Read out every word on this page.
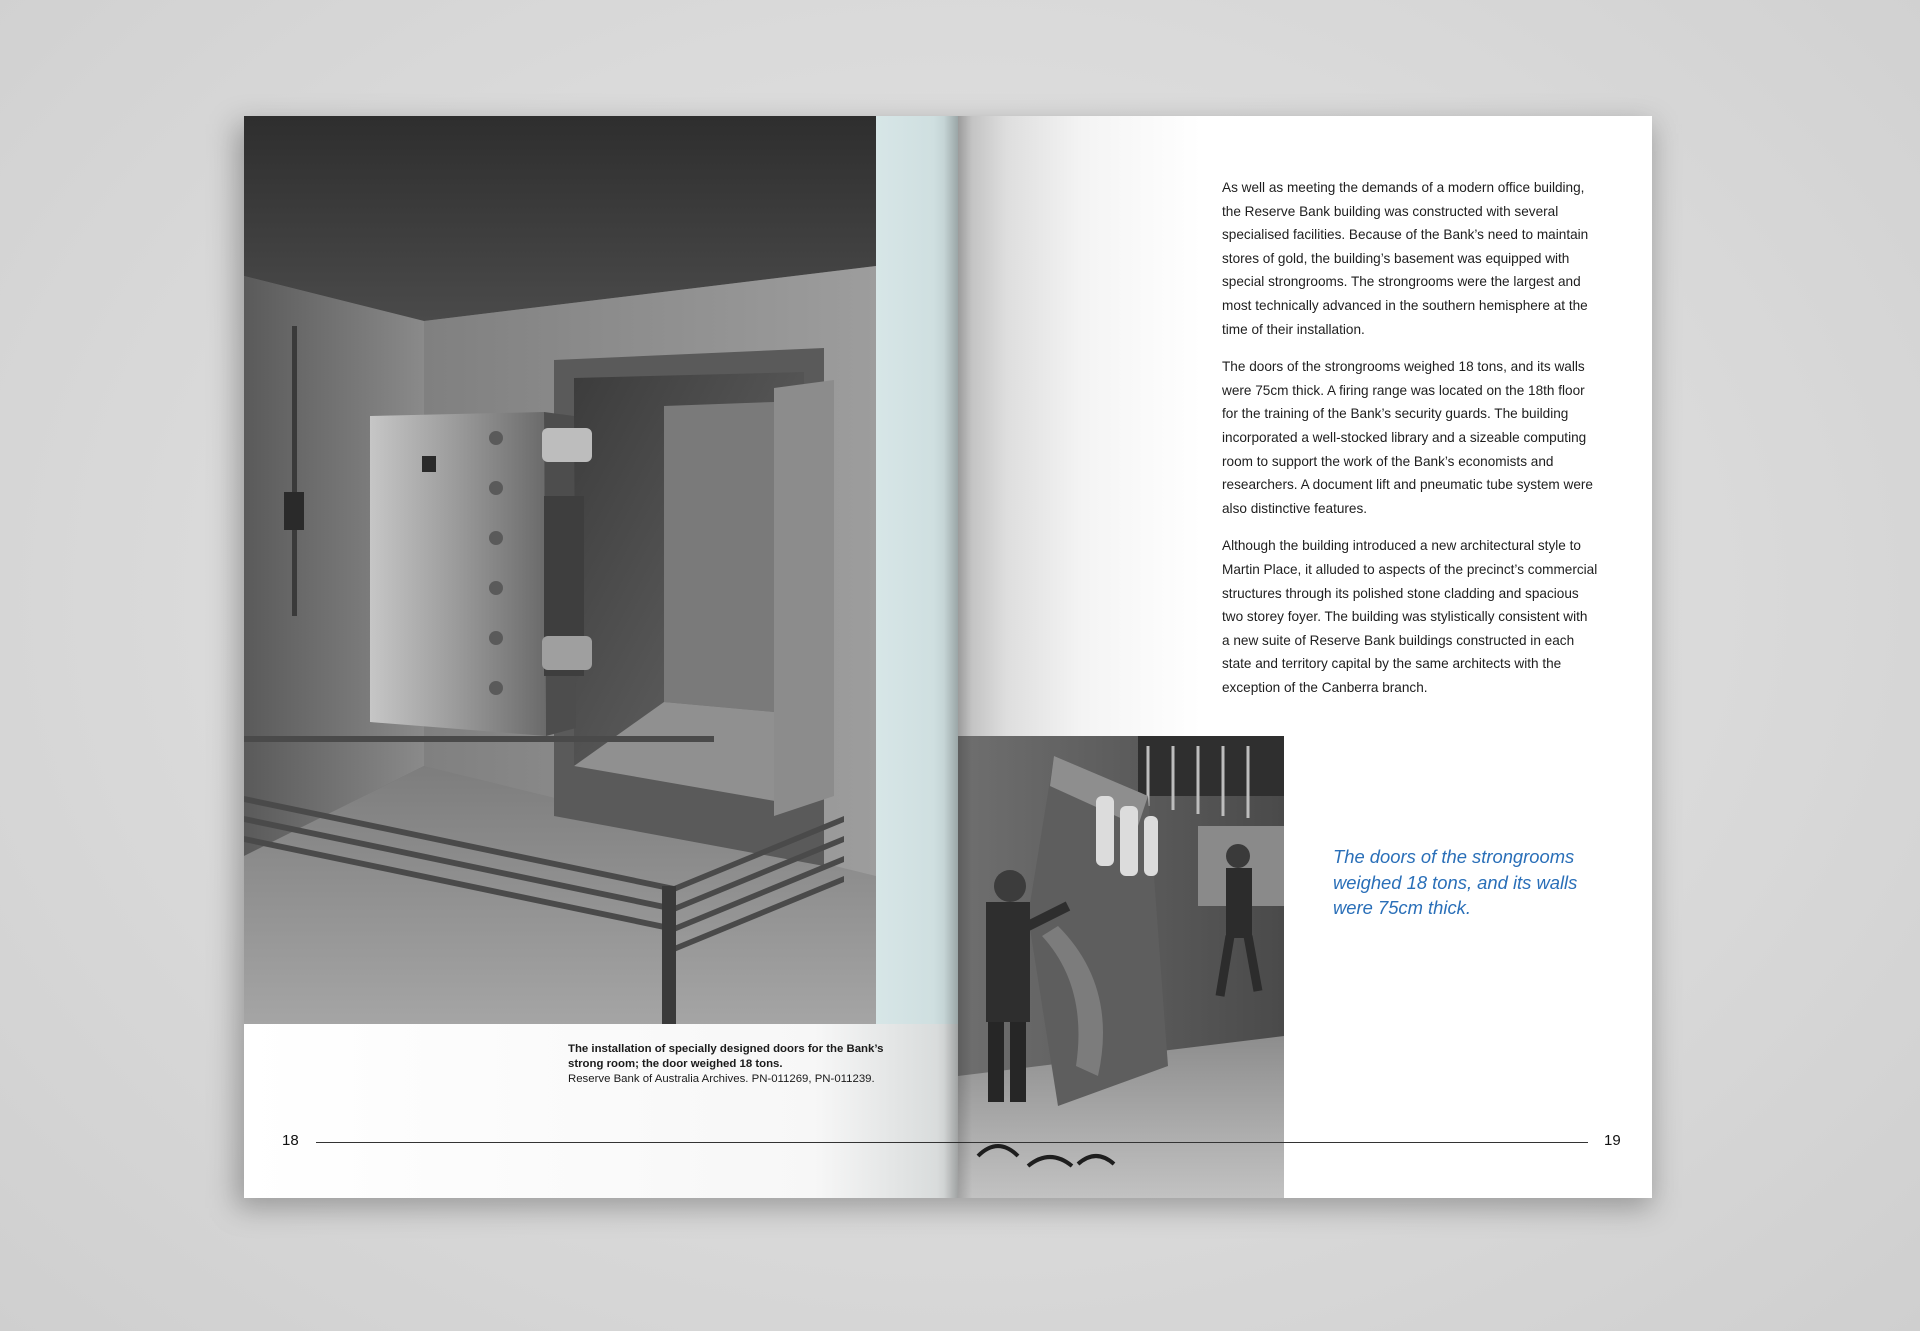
The installation of specially designed doors for the Bank’s strong room; the door weighed 18 tons.
Reserve Bank of Australia Archives. PN-011269, PN-011239.
18

As well as meeting the demands of a modern office building, the Reserve Bank building was constructed with several specialised facilities. Because of the Bank’s need to maintain stores of gold, the building’s basement was equipped with special strongrooms. The strongrooms were the largest and most technically advanced in the southern hemisphere at the time of their installation.

The doors of the strongrooms weighed 18 tons, and its walls were 75cm thick. A firing range was located on the 18th floor for the training of the Bank’s security guards. The building incorporated a well-stocked library and a sizeable computing room to support the work of the Bank’s economists and researchers. A document lift and pneumatic tube system were also distinctive features.

Although the building introduced a new architectural style to Martin Place, it alluded to aspects of the precinct’s commercial structures through its polished stone cladding and spacious two storey foyer. The building was stylistically consistent with a new suite of Reserve Bank buildings constructed in each state and territory capital by the same architects with the exception of the Canberra branch.

19
The doors of the strongrooms weighed 18 tons, and its walls were 75cm thick.
